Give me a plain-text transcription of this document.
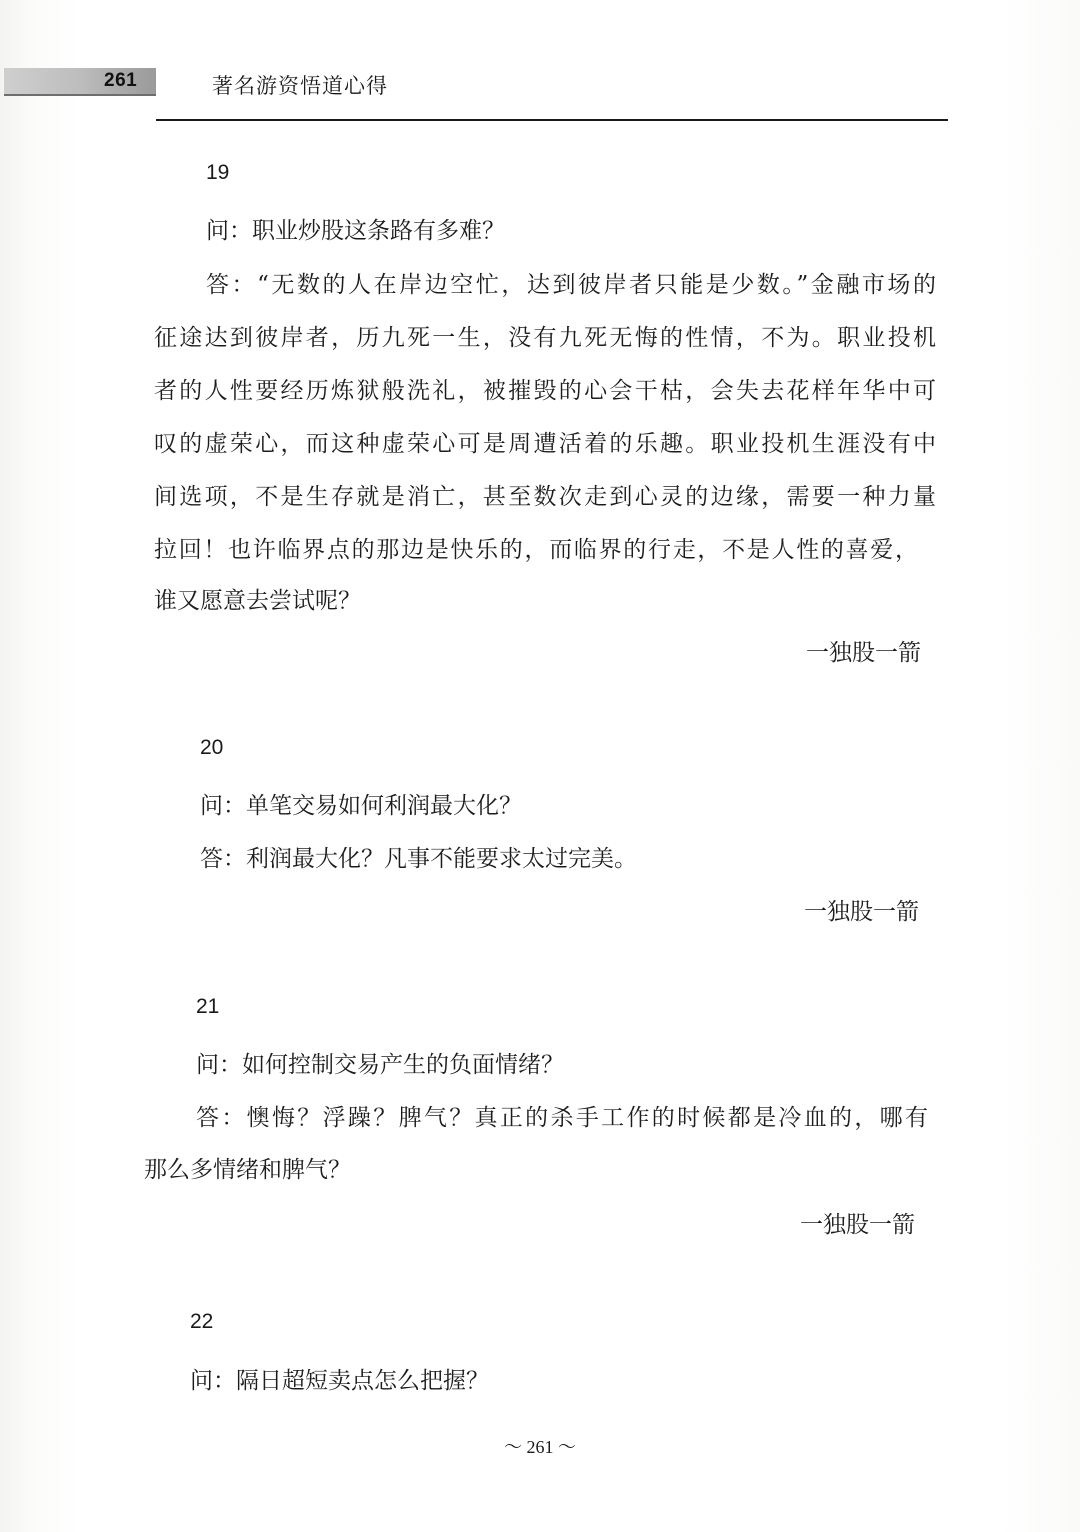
261	著名游资悟道心得
19
问：职业炒股这条路有多难？
答：“无数的人在岸边空忙，达到彼岸者只能是少数。”金融市场的
征途达到彼岸者，历九死一生，没有九死无悔的性情，不为。职业投机
者的人性要经历炼狱般洗礼，被摧毁的心会干枯，会失去花样年华中可
叹的虚荣心，而这种虚荣心可是周遭活着的乐趣。职业投机生涯没有中
间选项，不是生存就是消亡，甚至数次走到心灵的边缘，需要一种力量
拉回！也许临界点的那边是快乐的，而临界的行走，不是人性的喜爱，
谁又愿意去尝试呢？
一独股一箭
20
问：单笔交易如何利润最大化？
答：利润最大化？凡事不能要求太过完美。
一独股一箭
21
问：如何控制交易产生的负面情绪？
答：懊悔？浮躁？脾气？真正的杀手工作的时候都是冷血的，哪有
那么多情绪和脾气？
一独股一箭
22
问：隔日超短卖点怎么把握？
～ 261 ～
